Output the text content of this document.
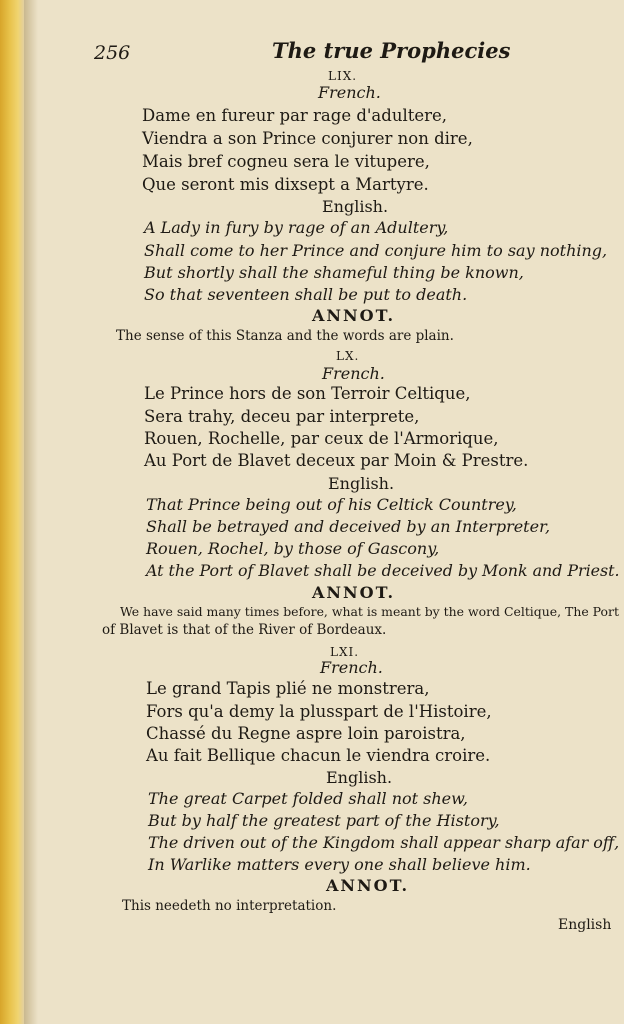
256	The true Prophecies
LIX.
French.
Dame en fureur par rage d'adultere,
Viendra a son Prince conjurer non dire,
Mais bref cogneu sera le vitupere,
Que seront mis dixsept a Martyre.
English.
A Lady in fury by rage of an Adultery,
Shall come to her Prince and conjure him to say nothing,
But shortly shall the shameful thing be known,
So that seventeen shall be put to death.
ANNOT.
The sense of this Stanza and the words are plain.
LX.
French.
Le Prince hors de son Terroir Celtique,
Sera trahy, deceu par interprete,
Rouen, Rochelle, par ceux de l'Armorique,
Au Port de Blavet deceux par Moin & Prestre.
English.
That Prince being out of his Celtick Countrey,
Shall be betrayed and deceived by an Interpreter,
Rouen, Rochel, by those of Gascony,
At the Port of Blavet shall be deceived by Monk and Priest.
ANNOT.
We have said many times before, what is meant by the word Celtique, The Port
of Blavet is that of the River of Bordeaux.
LXI.
French.
Le grand Tapis plié ne monstrera,
Fors qu'a demy la plusspart de l'Histoire,
Chassé du Regne aspre loin paroistra,
Au fait Bellique chacun le viendra croire.
English.
The great Carpet folded shall not shew,
But by half the greatest part of the History,
The driven out of the Kingdom shall appear sharp afar off,
In Warlike matters every one shall believe him.
ANNOT.
This needeth no interpretation.
English
